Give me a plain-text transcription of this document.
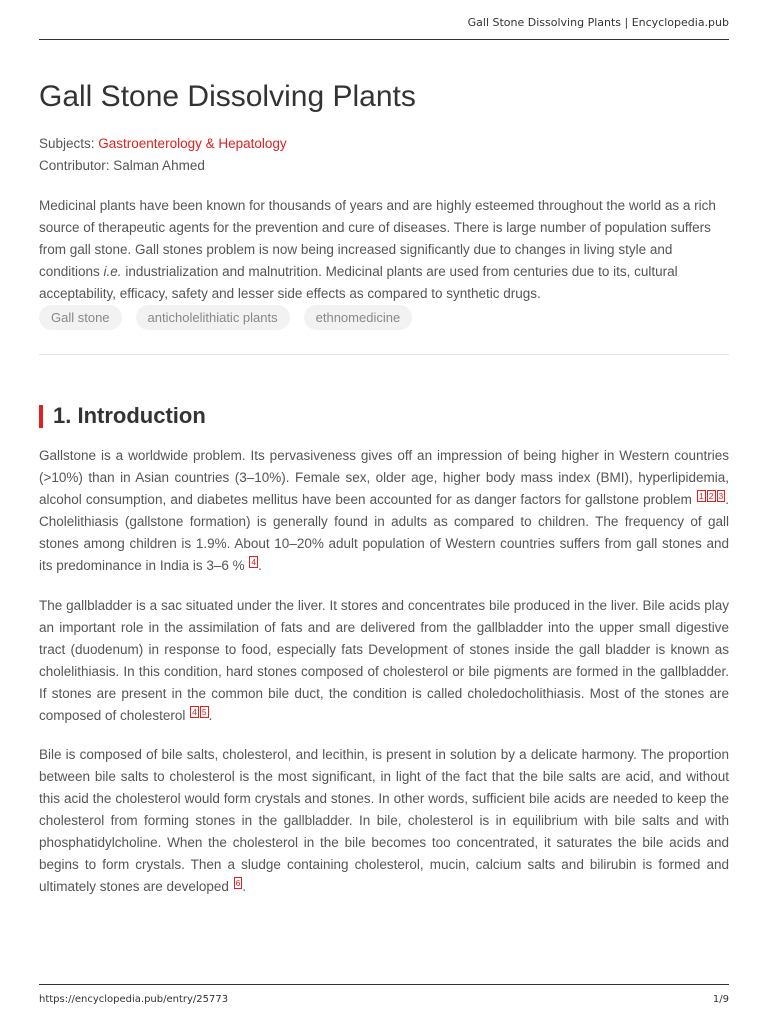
Gall Stone Dissolving Plants | Encyclopedia.pub
Gall Stone Dissolving Plants
Subjects: Gastroenterology & Hepatology
Contributor: Salman Ahmed

Medicinal plants have been known for thousands of years and are highly esteemed throughout the world as a rich source of therapeutic agents for the prevention and cure of diseases. There is large number of population suffers from gall stone. Gall stones problem is now being increased significantly due to changes in living style and conditions i.e. industrialization and malnutrition. Medicinal plants are used from centuries due to its, cultural acceptability, efficacy, safety and lesser side effects as compared to synthetic drugs.

Gall stone	anticholelithiatic plants	ethnomedicine
1. Introduction

Gallstone is a worldwide problem. Its pervasiveness gives off an impression of being higher in Western countries (>10%) than in Asian countries (3–10%). Female sex, older age, higher body mass index (BMI), hyperlipidemia, alcohol consumption, and diabetes mellitus have been accounted for as danger factors for gallstone problem $^1$ $^2$ $^3$ . Cholelithiasis (gallstone formation) is generally found in adults as compared to children. The frequency of gall stones among children is 1.9%. About 10–20% adult population of Western countries suffers from gall stones and its predominance in India is 3–6 % $^4$ .

The gallbladder is a sac situated under the liver. It stores and concentrates bile produced in the liver. Bile acids play an important role in the assimilation of fats and are delivered from the gallbladder into the upper small digestive tract (duodenum) in response to food, especially fats Development of stones inside the gall bladder is known as cholelithiasis. In this condition, hard stones composed of cholesterol or bile pigments are formed in the gallbladder. If stones are present in the common bile duct, the condition is called choledocholithiasis. Most of the stones are composed of cholesterol $^4$ $^5$ .

Bile is composed of bile salts, cholesterol, and lecithin, is present in solution by a delicate harmony. The proportion between bile salts to cholesterol is the most significant, in light of the fact that the bile salts are acid, and without this acid the cholesterol would form crystals and stones. In other words, sufficient bile acids are needed to keep the cholesterol from forming stones in the gallbladder. In bile, cholesterol is in equilibrium with bile salts and with phosphatidylcholine. When the cholesterol in the bile becomes too concentrated, it saturates the bile acids and begins to form crystals. Then a sludge containing cholesterol, mucin, calcium salts and bilirubin is formed and ultimately stones are developed $^6$ .

https://encyclopedia.pub/entry/25773	1/9
